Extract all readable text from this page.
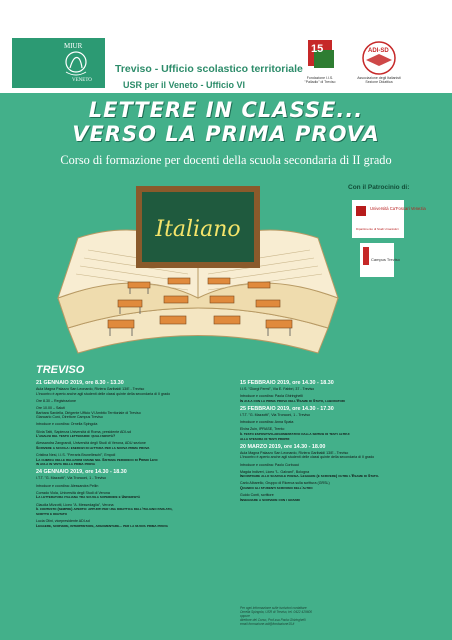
MIUR
VENETO
Treviso - Ufficio scolastico territoriale
USR per il Veneto - Ufficio VI
15
Fondazione I.I.S. "Palladio" di Treviso
ADI-SD
Associazione degli Italianisti Sezione Didattica
LETTERE IN CLASSE...
VERSO LA PRIMA PROVA
Corso di formazione per docenti della scuola secondaria di II grado
Italiano
Con il Patrocinio di:
Università Ca'Foscari Venezia
Dipartimento di Studi Umanistici
Campus Treviso
TREVISO
21 GENNAIO 2019, ore 8.30 - 13.30
Aula Magna Palazzo San Leonardo, Riviera Garibaldi 13/E - Treviso
L'incontro è aperto anche agli studenti delle classi quinte della secondaria di II grado
Ore 8.30 – Registrazione
Ore 10.00 – Saluti
Barbara Sardella, Dirigente Ufficio VI Ambito Territoriale di Treviso
Giancarlo Corò, Direttore Campus Treviso
Introduce e coordina: Ornella Spingola
Silvia Tatti, Sapienza Università di Roma, presidente ADI-sd
L'analisi del testo letterario: quali novità?
Alessandra Zangrandi, Università degli Studi di Verona, ADU sezione
Scrivere a scuola: esercizi di lettura per la nuova prima prova
Cristina Nesi, I.I.S. "Ferraris Brunelleschi", Empoli
La chimica delle relazioni umane nel Sistema periodico di Primo Levi:
in aula in vista della prima prova
24 GENNAIO 2019, ore 14.30 - 18.30
I.T.T. "G. Mazzotti", Via Tronconi, 1 - Treviso
Introduce e coordina: Alessandra Pellin
Corrado Viola, Università degli Studi di Verona
La letteratura italiana tra scuola superiore e Università
Claudia Mizzotti, Liceo "A. Messedaglia", Verona
Il contesto (sempre) aperto: appunti per una didattica dell'italiano parlato,
scritto e digitato
Lucia Olini, vicepresidente ADI-sd
Leggere, scrivere, interpretare, argomentare... per la nuova prima prova
15 FEBBRAIO 2019, ore 14.30 - 18.30
I.I.S. "Giorgi Fermi", Via E. Fabbri, 37 - Treviso
Introduce e coordina: Paola Ghiringhelli
In aula con la prima prova dell'Esame di Stato, laboratori
25 FEBBRAIO 2019, ore 14.30 - 17.30
I.T.T. "G. Mazzotti", Via Tronconi, 1 - Treviso
Introduce e coordina: Anna Spata
Elvira Zuin, IPRASE, Trento
Il testo espositivo-argomentativo dalla sintesi di testi altrui
alla stesura di testi propri
20 MARZO 2019, ore 14.30 - 18.00
Aula Magna Palazzo San Leonardo, Riviera Garibaldi 13/E - Treviso
L'incontro è aperto anche agli studenti delle classi quinte della secondaria di II grado
Introduce e coordina: Paolo Corbucci
Magda Indiveri, Liceo "L. Galvani", Bologna
Incontrare allo scaffale poesia. Leggere (e scrivere) oltre l'Esame di Stato.
Carlo Albarello, Gruppo di Ricerca sulla scrittura (GRSL)
Quando gli studenti scrivono dell'altro
Guido Conti, scrittore
Insegnare a scrivere con i grandi
Per ogni informazione sulle iscrizioni contattare
Ornella Spingola, USR di Treviso, tel. 0422 429600
oppure
direttore del Corso, Prof.ssa Paola Ghiringhelli
email formazione.adi@fondazione15.it
